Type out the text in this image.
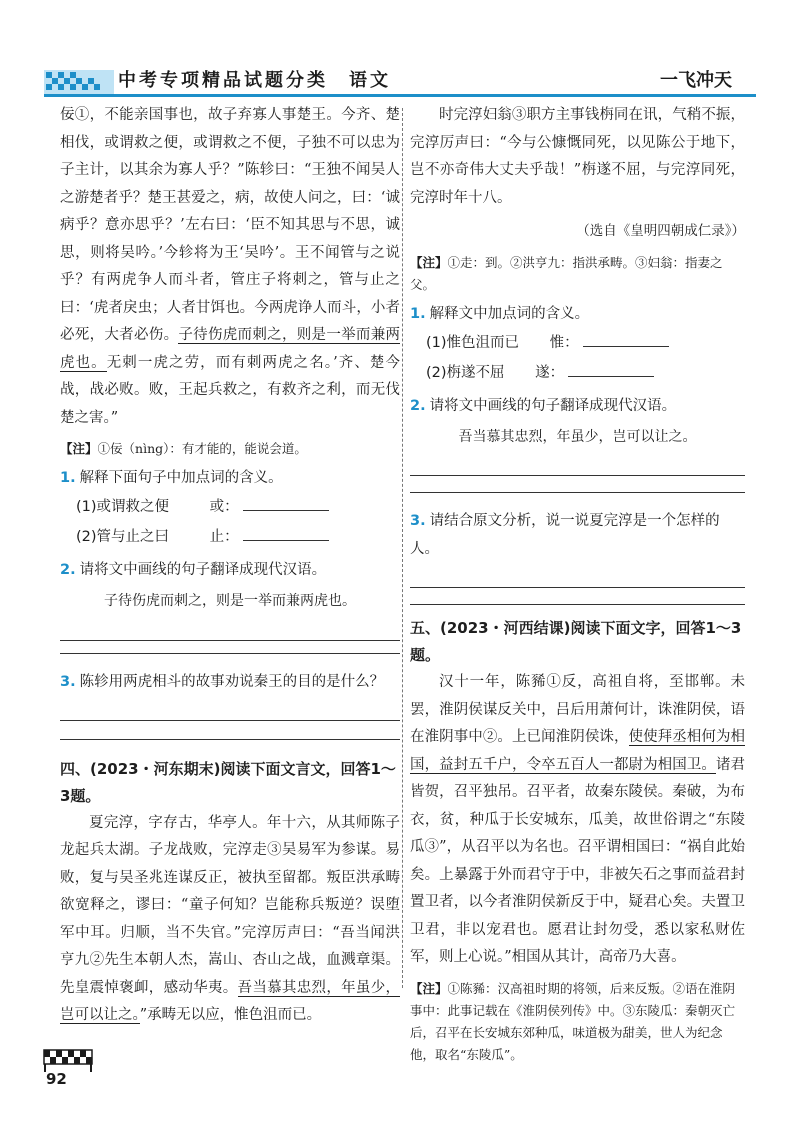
中考专项精品试题分类　语文	一飞冲天

佞①，不能亲国事也，故子弃寡人事楚王。今齐、楚相伐，或谓救之便，或谓救之不便，子独不可以忠为子主计，以其余为寡人乎？”陈轸曰：“王独不闻吴人之游楚者乎？楚王甚爱之，病，故使人问之，曰：‘诚病乎？意亦思乎？’左右曰：‘臣不知其思与不思，诚思，则将吴吟。’今轸将为王‘吴吟’。王不闻管与之说乎？有两虎争人而斗者，管庄子将刺之，管与止之曰：‘虎者戾虫；人者甘饵也。今两虎诤人而斗，小者必死，大者必伤。子待伤虎而刺之，则是一举而兼两虎也。无刺一虎之劳，而有刺两虎之名。’齐、楚今战，战必败。败，王起兵救之，有救齐之利，而无伐楚之害。”

【注】①佞（nìng）：有才能的，能说会道。
1. 解释下面句子中加点词的含义。
(1)或谓救之便	或：
(2)管与止之曰	止：
2. 请将文中画线的句子翻译成现代汉语。
子待伤虎而刺之，则是一举而兼两虎也。
3. 陈轸用两虎相斗的故事劝说秦王的目的是什么？
四、(2023・河东期末)阅读下面文言文，回答1～3题。

夏完淳，字存古，华亭人。年十六，从其师陈子龙起兵太湖。子龙战败，完淳走③吴易军为参谋。易败，复与吴圣兆连谋反正，被执至留都。叛臣洪承畴欲宽释之，谬曰：“童子何知？岂能称兵叛逆？误堕军中耳。归顺，当不失官。”完淳厉声曰：“吾当闻洪亨九②先生本朝人杰，嵩山、杏山之战，血溅章渠。先皇震悼褒卹，感动华夷。吾当慕其忠烈，年虽少，岂可以让之。”承畴无以应，惟色沮而已。

时完淳妇翁③职方主事钱栴同在讯，气稍不振，完淳厉声曰：“今与公慷慨同死，以见陈公于地下，岂不亦奇伟大丈夫乎哉！”栴遂不屈，与完淳同死，完淳时年十八。

（选自《皇明四朝成仁录》）
【注】①走：到。②洪亨九：指洪承畴。③妇翁：指妻之父。
1. 解释文中加点词的含义。
(1)惟色沮而已 惟：
(2)栴遂不屈 遂：
2. 请将文中画线的句子翻译成现代汉语。
吾当慕其忠烈，年虽少，岂可以让之。
3. 请结合原文分析，说一说夏完淳是一个怎样的人。
五、(2023・河西结课)阅读下面文字，回答1～3题。

汉十一年，陈豨①反，高祖自将，至邯郸。未罢，淮阴侯谋反关中，吕后用萧何计，诛淮阴侯，语在淮阴事中②。上已闻淮阴侯诛，使使拜丞相何为相国，益封五千户，令卒五百人一都尉为相国卫。诸君皆贺，召平独吊。召平者，故秦东陵侯。秦破，为布衣，贫，种瓜于长安城东，瓜美，故世俗谓之“东陵瓜③”，从召平以为名也。召平谓相国曰：“祸自此始矣。上暴露于外而君守于中，非被矢石之事而益君封置卫者，以今者淮阴侯新反于中，疑君心矣。夫置卫卫君，非以宠君也。愿君让封勿受，悉以家私财佐军，则上心说。”相国从其计，高帝乃大喜。

【注】①陈豨：汉高祖时期的将领，后来反叛。②语在淮阴事中：此事记载在《淮阴侯列传》中。③东陵瓜：秦朝灭亡后，召平在长安城东郊种瓜，味道极为甜美，世人为纪念他，取名“东陵瓜”。
92
